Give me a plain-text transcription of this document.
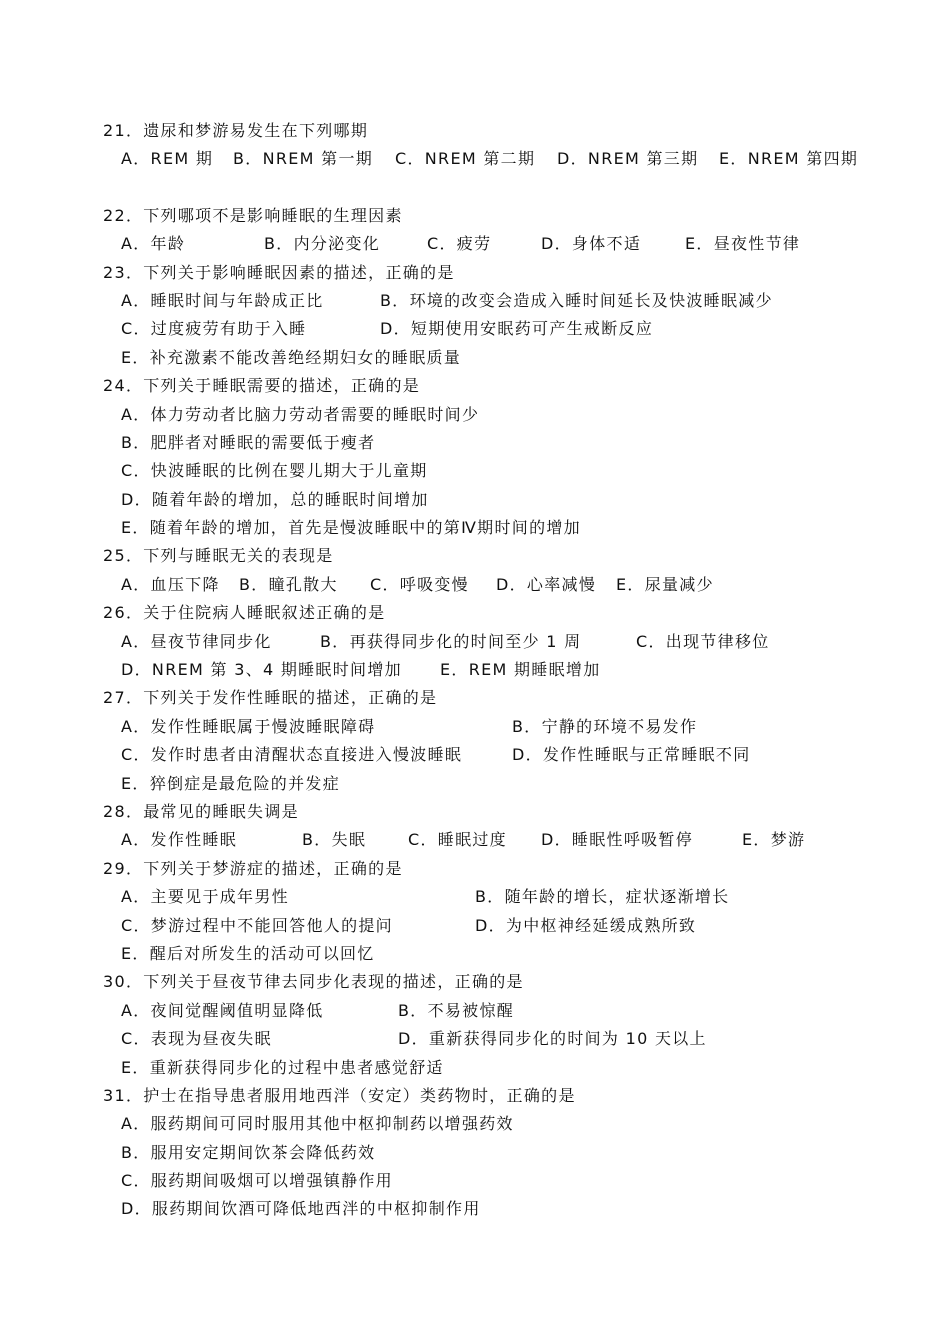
21．遗尿和梦游易发生在下列哪期
A．REM 期 B．NREM 第一期 C．NREM 第二期 D．NREM 第三期 E．NREM 第四期
22．下列哪项不是影响睡眠的生理因素
A．年龄	B．内分泌变化	C．疲劳	D．身体不适	E．昼夜性节律
23．下列关于影响睡眠因素的描述，正确的是
A．睡眠时间与年龄成正比	B．环境的改变会造成入睡时间延长及快波睡眠减少
C．过度疲劳有助于入睡	D．短期使用安眠药可产生戒断反应
E．补充激素不能改善绝经期妇女的睡眠质量
24．下列关于睡眠需要的描述，正确的是
A．体力劳动者比脑力劳动者需要的睡眠时间少
B．肥胖者对睡眠的需要低于瘦者
C．快波睡眠的比例在婴儿期大于儿童期
D．随着年龄的增加，总的睡眠时间增加
E．随着年龄的增加，首先是慢波睡眠中的第Ⅳ期时间的增加
25．下列与睡眠无关的表现是
A．血压下降 B．瞳孔散大 C．呼吸变慢 D．心率减慢 E．尿量减少
26．关于住院病人睡眠叙述正确的是
A．昼夜节律同步化	B．再获得同步化的时间至少 1 周	C．出现节律移位
D．NREM 第 3、4 期睡眠时间增加 E．REM 期睡眠增加
27．下列关于发作性睡眠的描述，正确的是
A．发作性睡眠属于慢波睡眠障碍	B．宁静的环境不易发作
C．发作时患者由清醒状态直接进入慢波睡眠	D．发作性睡眠与正常睡眠不同
E．猝倒症是最危险的并发症
28．最常见的睡眠失调是
A．发作性睡眠	B．失眠	C．睡眠过度 D．睡眠性呼吸暂停	E．梦游
29．下列关于梦游症的描述，正确的是
A．主要见于成年男性	B．随年龄的增长，症状逐渐增长
C．梦游过程中不能回答他人的提问	D．为中枢神经延缓成熟所致
E．醒后对所发生的活动可以回忆
30．下列关于昼夜节律去同步化表现的描述，正确的是
A．夜间觉醒阈值明显降低	B．不易被惊醒
C．表现为昼夜失眠	D．重新获得同步化的时间为 10 天以上
E．重新获得同步化的过程中患者感觉舒适
31．护士在指导患者服用地西泮（安定）类药物时，正确的是
A．服药期间可同时服用其他中枢抑制药以增强药效
B．服用安定期间饮茶会降低药效
C．服药期间吸烟可以增强镇静作用
D．服药期间饮酒可降低地西泮的中枢抑制作用
